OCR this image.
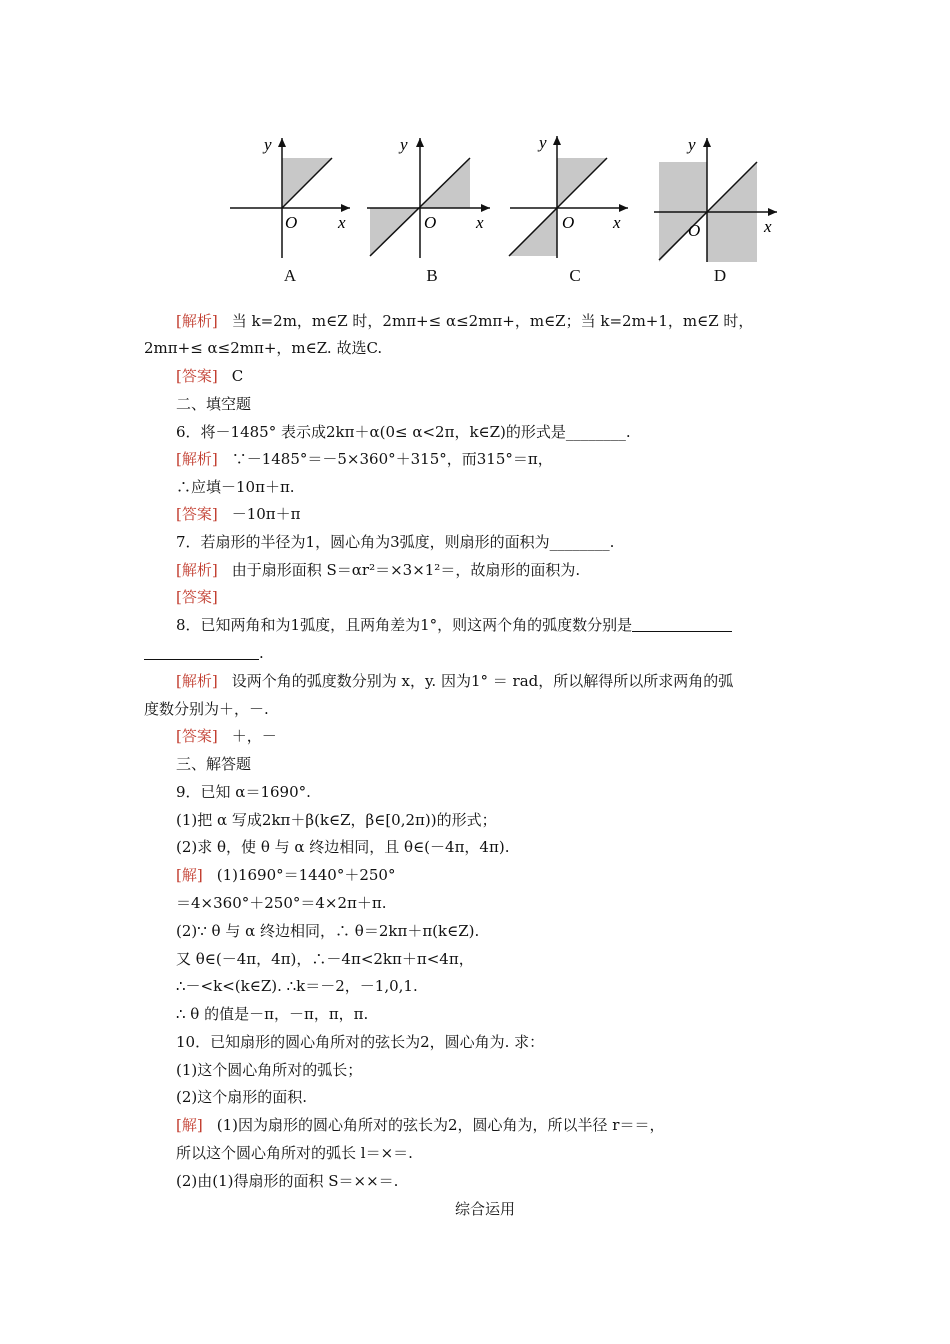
y
x
O
A
y
x
O
B
y
x
O
C
y
x
O
D
[解析] 当 k=2m，m∈Z 时，2mπ+≤ α≤2mπ+，m∈Z；当 k=2m+1，m∈Z 时，
2mπ+≤ α≤2mπ+，m∈Z. 故选C.
[答案] C
二、填空题
6．将－1485° 表示成2kπ＋α(0≤ α<2π，k∈Z)的形式是________.
[解析] ∵－1485°＝－5×360°＋315°，而315°＝π，
∴应填－10π＋π.
[答案] －10π＋π
7．若扇形的半径为1，圆心角为3弧度，则扇形的面积为________.
[解析] 由于扇形面积 S＝αr²＝×3×1²＝，故扇形的面积为.
[答案]
8．已知两角和为1弧度，且两角差为1°，则这两个角的弧度数分别是
.
[解析] 设两个角的弧度数分别为 x，y. 因为1° ＝ rad，所以解得所以所求两角的弧
度数分别为＋，－.
[答案] ＋，－
三、解答题
9．已知 α＝1690°.
(1)把 α 写成2kπ＋β(k∈Z，β∈[0,2π))的形式；
(2)求 θ，使 θ 与 α 终边相同，且 θ∈(－4π，4π).
[解] (1)1690°＝1440°＋250°
＝4×360°＋250°＝4×2π＋π.
(2)∵ θ 与 α 终边相同，∴ θ＝2kπ＋π(k∈Z).
又 θ∈(－4π，4π)，∴－4π<2kπ＋π<4π，
∴－<k<(k∈Z). ∴k＝－2，－1,0,1.
∴ θ 的值是－π，－π，π，π.
10．已知扇形的圆心角所对的弦长为2，圆心角为. 求：
(1)这个圆心角所对的弧长；
(2)这个扇形的面积.
[解] (1)因为扇形的圆心角所对的弦长为2，圆心角为，所以半径 r＝＝，
所以这个圆心角所对的弧长 l＝×＝.
(2)由(1)得扇形的面积 S＝××＝.
综合运用
